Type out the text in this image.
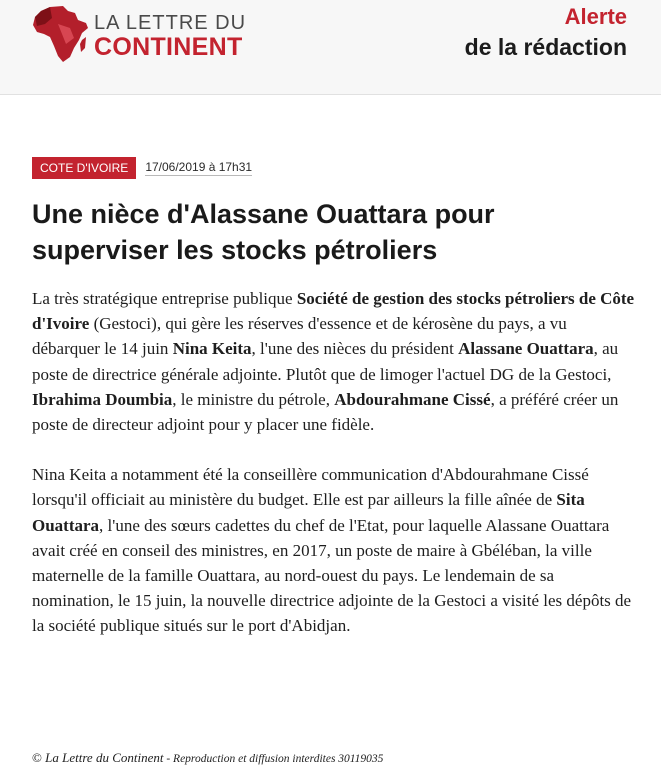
LA LETTRE DU
CONTINENT
Alerte
de la rédaction
COTE D'IVOIRE	17/06/2019 à 17h31
Une nièce d'Alassane Ouattara pour
superviser les stocks pétroliers

La très stratégique entreprise publique Société de gestion des stocks pétroliers de Côte d'Ivoire (Gestoci), qui gère les réserves d'essence et de kérosène du pays, a vu débarquer le 14 juin Nina Keita, l'une des nièces du président Alassane Ouattara, au poste de directrice générale adjointe. Plutôt que de limoger l'actuel DG de la Gestoci, Ibrahima Doumbia, le ministre du pétrole, Abdourahmane Cissé, a préféré créer un poste de directeur adjoint pour y placer une fidèle.

Nina Keita a notamment été la conseillère communication d'Abdourahmane Cissé lorsqu'il officiait au ministère du budget. Elle est par ailleurs la fille aînée de Sita Ouattara, l'une des sœurs cadettes du chef de l'Etat, pour laquelle Alassane Ouattara avait créé en conseil des ministres, en 2017, un poste de maire à Gbéléban, la ville maternelle de la famille Ouattara, au nord-ouest du pays. Le lendemain de sa nomination, le 15 juin, la nouvelle directrice adjointe de la Gestoci a visité les dépôts de la société publique situés sur le port d'Abidjan.

© La Lettre du Continent - Reproduction et diffusion interdites 30119035
